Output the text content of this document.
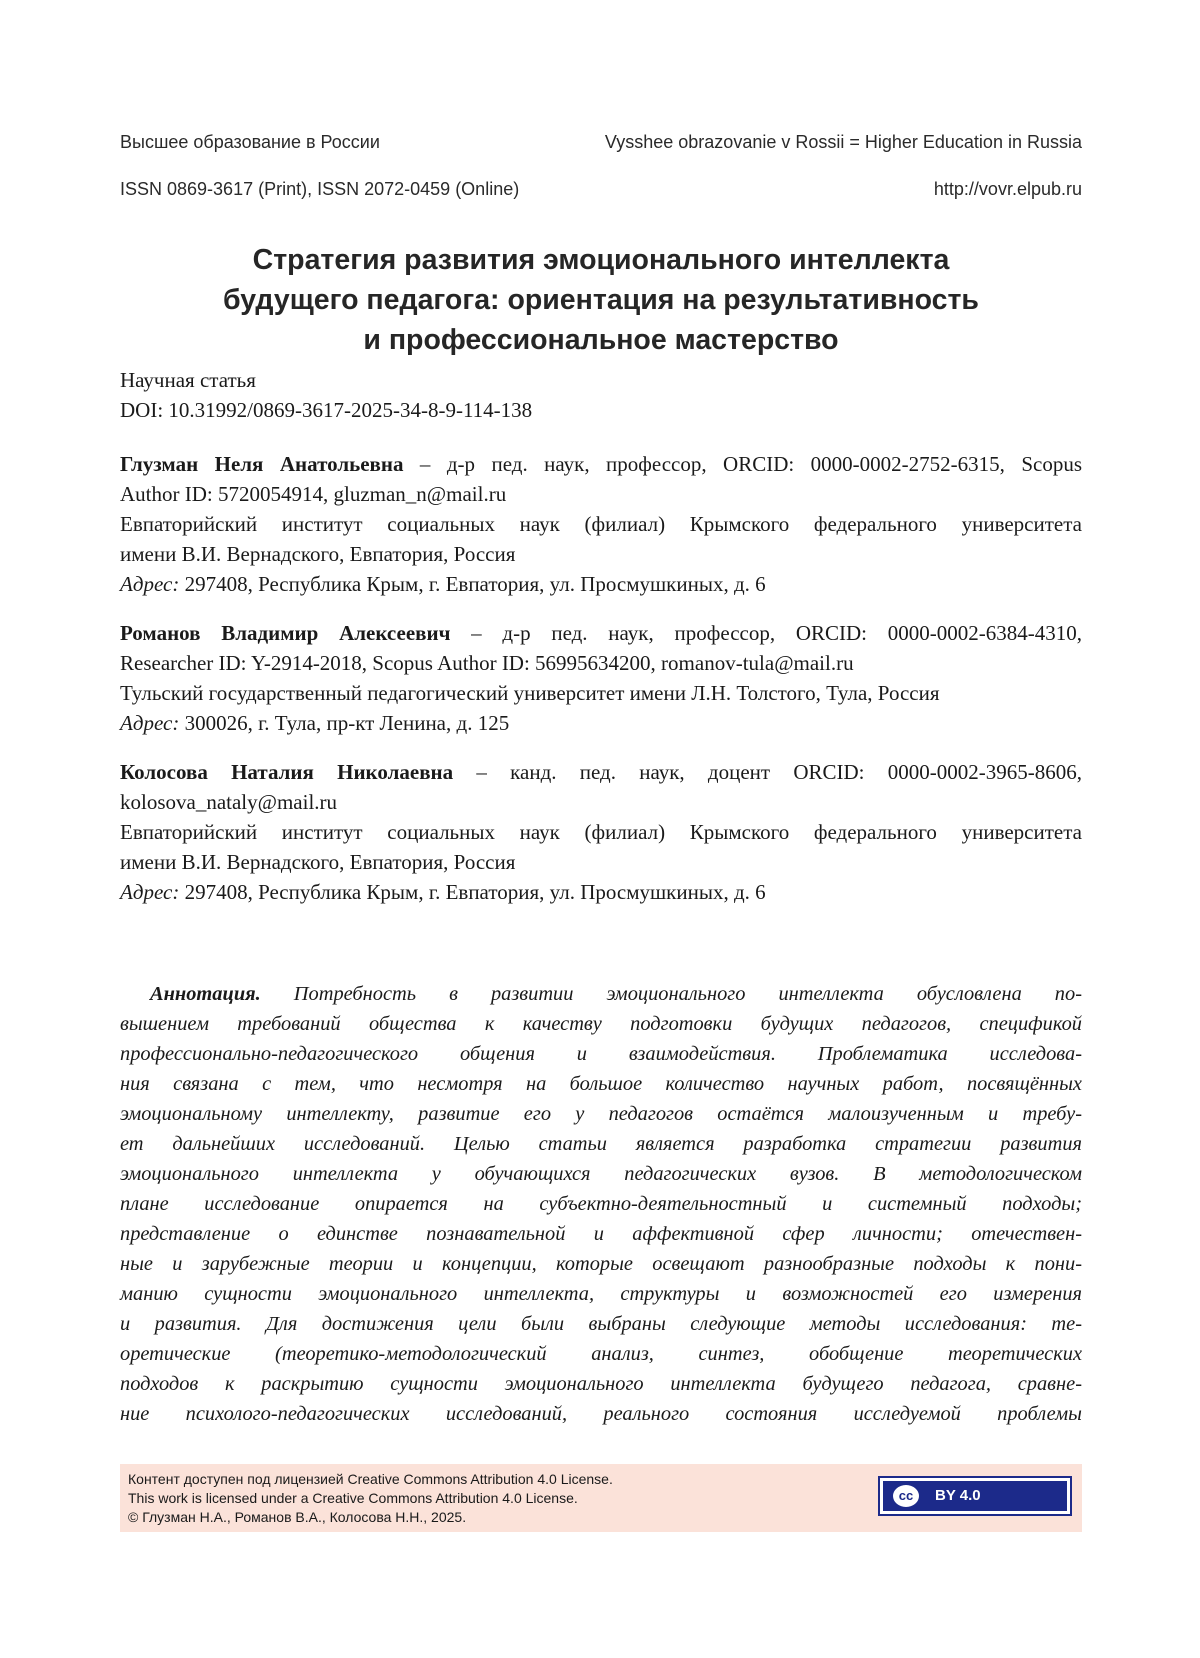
Высшее образование в России	Vysshee obrazovanie v Rossii = Higher Education in Russia
ISSN 0869-3617 (Print), ISSN 2072-0459 (Online)	http://vovr.elpub.ru
Стратегия развития эмоционального интеллекта
будущего педагога: ориентация на результативность
и профессиональное мастерство
Научная статья
DOI: 10.31992/0869-3617-2025-34-8-9-114-138
Глузман Неля Анатольевна – д-р пед. наук, профессор, ORCID: 0000-0002-2752-6315, Scopus
Author ID: 5720054914, gluzman_n@mail.ru
Евпаторийский институт социальных наук (филиал) Крымского федерального университета
имени В.И. Вернадского, Евпатория, Россия
Адрес: 297408, Республика Крым, г. Евпатория, ул. Просмушкиных, д. 6
Романов Владимир Алексеевич – д-р пед. наук, профессор, ORCID: 0000-0002-6384-4310,
Researcher ID: Y-2914-2018, Scopus Author ID: 56995634200, romanov-tula@mail.ru
Тульский государственный педагогический университет имени Л.Н. Толстого, Тула, Россия
Адрес: 300026, г. Тула, пр-кт Ленина, д. 125
Колосова Наталия Николаевна – канд. пед. наук, доцент ORCID: 0000-0002-3965-8606,
kolosova_nataly@mail.ru
Евпаторийский институт социальных наук (филиал) Крымского федерального университета
имени В.И. Вернадского, Евпатория, Россия
Адрес: 297408, Республика Крым, г. Евпатория, ул. Просмушкиных, д. 6
Аннотация. Потребность в развитии эмоционального интеллекта обусловлена по-
вышением требований общества к качеству подготовки будущих педагогов, спецификой
профессионально-педагогического общения и взаимодействия. Проблематика исследова-
ния связана с тем, что несмотря на большое количество научных работ, посвящённых
эмоциональному интеллекту, развитие его у педагогов остаётся малоизученным и требу-
ет дальнейших исследований. Целью статьи является разработка стратегии развития
эмоционального интеллекта у обучающихся педагогических вузов. В методологическом
плане исследование опирается на субъектно-деятельностный и системный подходы;
представление о единстве познавательной и аффективной сфер личности; отечествен-
ные и зарубежные теории и концепции, которые освещают разнообразные подходы к пони-
манию сущности эмоционального интеллекта, структуры и возможностей его измерения
и развития. Для достижения цели были выбраны следующие методы исследования: те-
оретические (теоретико-методологический анализ, синтез, обобщение теоретических
подходов к раскрытию сущности эмоционального интеллекта будущего педагога, сравне-
ние психолого-педагогических исследований, реального состояния исследуемой проблемы
Контент доступен под лицензией Creative Commons Attribution 4.0 License.
This work is licensed under a Creative Commons Attribution 4.0 License.
© Глузман Н.А., Романов В.А., Колосова Н.Н., 2025.
cc	BY 4.0
